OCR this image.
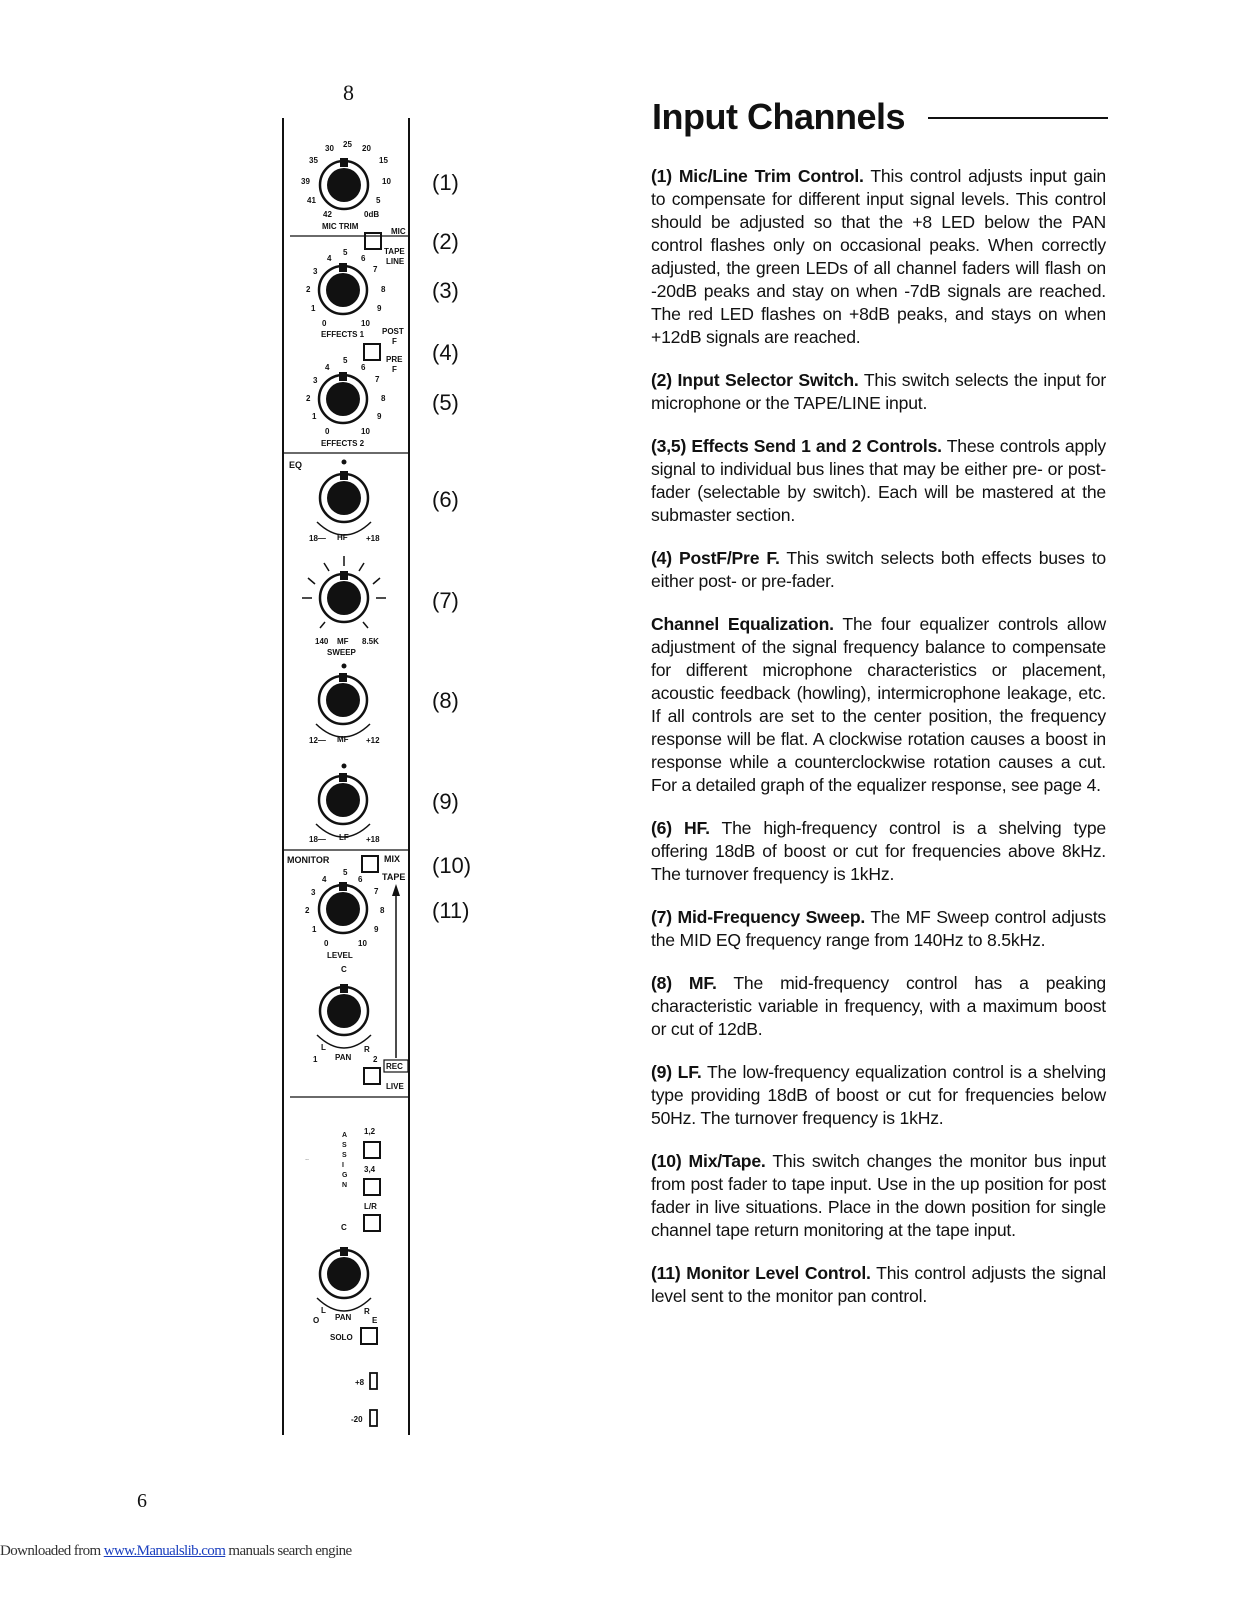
8
30 25 20
35	15
39	10
41	5
42	0dB
MIC TRIM
MIC
TAPE
LINE
5
4	6
3	7
2	8
1	9
0	10
EFFECTS 1 POST
F
PRE
F
5
4	6
3	7
2	8
1	9
0	10
EFFECTS 2
EQ
18— HF +18
140 MF 8.5K
SWEEP
12— MF +12
18— LF +18
MONITOR	MIX
TAPE
5
4	6
3	7
2	8
1	9
0	10
LEVEL
C
L
1 PAN
R
2
REC
LIVE
A
S
S
I
G
N
ASSIGN
1,2
3,4
L/R
C
O
L
PAN
R
E
SOLO
+8
-20
(1)
(2)
(3)
(4)
(5)
(6)
(7)
(8)
(9)
(10)
(11)
Input Channels

(1) Mic/Line Trim Control. This control adjusts input gain to compensate for different input signal levels. This control should be adjusted so that the +8 LED below the PAN control flashes only on occasional peaks. When correctly adjusted, the green LEDs of all channel faders will flash on -20dB peaks and stay on when -7dB signals are reached. The red LED flashes on +8dB peaks, and stays on when +12dB signals are reached.

(2) Input Selector Switch. This switch selects the input for microphone or the TAPE/LINE input.

(3,5) Effects Send 1 and 2 Controls. These controls apply signal to individual bus lines that may be either pre- or post-fader (selectable by switch). Each will be mastered at the submaster section.

(4) PostF/Pre F. This switch selects both effects buses to either post- or pre-fader.

Channel Equalization. The four equalizer controls allow adjustment of the signal frequency balance to compensate for different microphone characteristics or placement, acoustic feedback (howling), intermicrophone leakage, etc. If all controls are set to the center position, the frequency response will be flat. A clockwise rotation causes a boost in response while a counterclockwise rotation causes a cut. For a detailed graph of the equalizer response, see page 4.

(6) HF. The high-frequency control is a shelving type offering 18dB of boost or cut for frequencies above 8kHz. The turnover frequency is 1kHz.

(7) Mid-Frequency Sweep. The MF Sweep control adjusts the MID EQ frequency range from 140Hz to 8.5kHz.

(8) MF. The mid-frequency control has a peaking characteristic variable in frequency, with a maximum boost or cut of 12dB.

(9) LF. The low-frequency equalization control is a shelving type providing 18dB of boost or cut for frequencies below 50Hz. The turnover frequency is 1kHz.

(10) Mix/Tape. This switch changes the monitor bus input from post fader to tape input. Use in the up position for post fader in live situations. Place in the down position for single channel tape return monitoring at the tape input.

(11) Monitor Level Control. This control adjusts the signal level sent to the monitor pan control.

6
Downloaded from www.Manualslib.com manuals search engine
